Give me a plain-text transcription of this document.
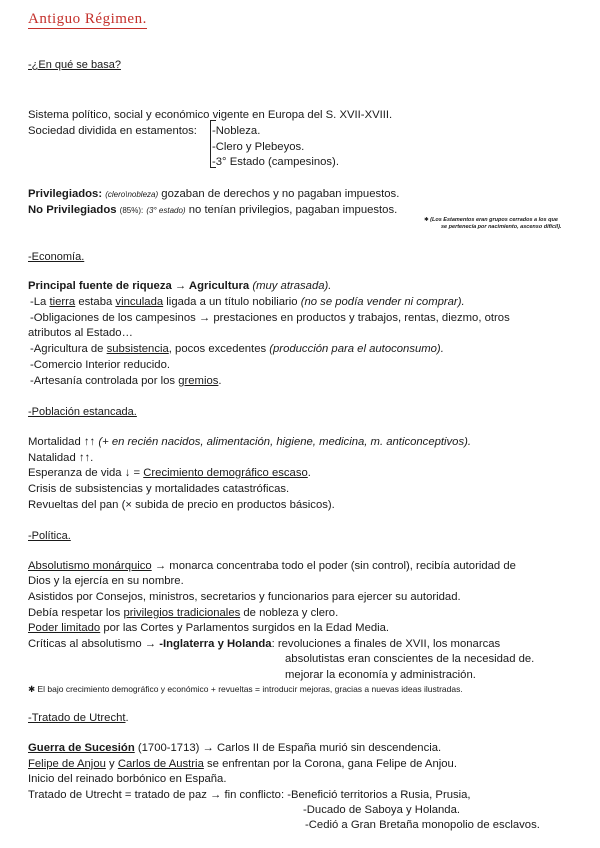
Antiguo Régimen.
-¿En qué se basa?
Sistema político, social y económico vigente en Europa del S. XVII-XVIII.
Sociedad dividida en estamentos: -Nobleza.
-Clero y Plebeyos.
-3° Estado (campesinos).
Privilegiados: (clero\nobleza) gozaban de derechos y no pagaban impuestos.
No Privilegiados (85%): (3° estado) no tenían privilegios, pagaban impuestos.
✱ (Los Estamentos eran grupos cerrados a los que
se pertenecía por nacimiento, ascenso difícil).
-Economía.
Principal fuente de riqueza → Agricultura (muy atrasada).
-La tierra estaba vinculada ligada a un título nobiliario (no se podía vender ni comprar).
-Obligaciones de los campesinos → prestaciones en productos y trabajos, rentas, diezmo, otros
atributos al Estado…
-Agricultura de subsistencia, pocos excedentes (producción para el autoconsumo).
-Comercio Interior reducido.
-Artesanía controlada por los gremios.
-Población estancada.
Mortalidad ↑↑ (+ en recién nacidos, alimentación, higiene, medicina, m. anticonceptivos).
Natalidad ↑↑.
Esperanza de vida ↓ = Crecimiento demográfico escaso.
Crisis de subsistencias y mortalidades catastróficas.
Revueltas del pan (× subida de precio en productos básicos).
-Política.
Absolutismo monárquico → monarca concentraba todo el poder (sin control), recibía autoridad de
Dios y la ejercía en su nombre.
Asistidos por Consejos, ministros, secretarios y funcionarios para ejercer su autoridad.
Debía respetar los privilegios tradicionales de nobleza y clero.
Poder limitado por las Cortes y Parlamentos surgidos en la Edad Media.
Críticas al absolutismo → -Inglaterra y Holanda: revoluciones a finales de XVII, los monarcas
absolutistas eran conscientes de la necesidad de.
mejorar la economía y administración.
✱ El bajo crecimiento demográfico y económico + revueltas = introducir mejoras, gracias a nuevas ideas ilustradas.
-Tratado de Utrecht.
Guerra de Sucesión (1700-1713) → Carlos II de España murió sin descendencia.
Felipe de Anjou y Carlos de Austria se enfrentan por la Corona, gana Felipe de Anjou.
Inicio del reinado borbónico en España.
Tratado de Utrecht = tratado de paz → fin conflicto: -Benefició territorios a Rusia, Prusia,
-Ducado de Saboya y Holanda.
-Cedió a Gran Bretaña monopolio de esclavos.
